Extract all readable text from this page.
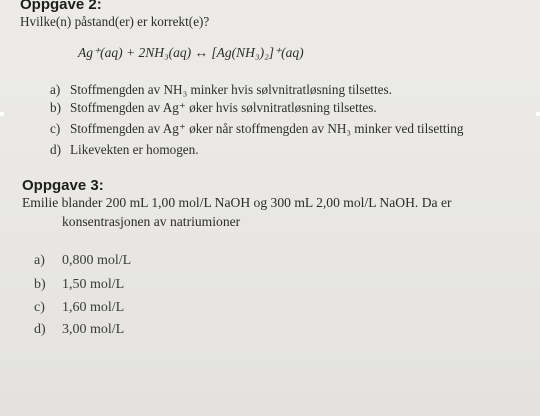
Oppgave 2:
Hvilke(n) påstand(er) er korrekt(e)?
Ag⁺(aq) + 2NH₃(aq) ↔ [Ag(NH₃)₂]⁺(aq)
a) Stoffmengden av NH₃ minker hvis sølvnitratløsning tilsettes.
b) Stoffmengden av Ag⁺ øker hvis sølvnitratløsning tilsettes.
c) Stoffmengden av Ag⁺ øker når stoffmengden av NH₃ minker ved tilsetting
d) Likevekten er homogen.
Oppgave 3:
Emilie blander 200 mL 1,00 mol/L NaOH og 300 mL 2,00 mol/L NaOH. Da er
konsentrasjonen av natriumioner
a) 0,800 mol/L
b) 1,50 mol/L
c) 1,60 mol/L
d) 3,00 mol/L
